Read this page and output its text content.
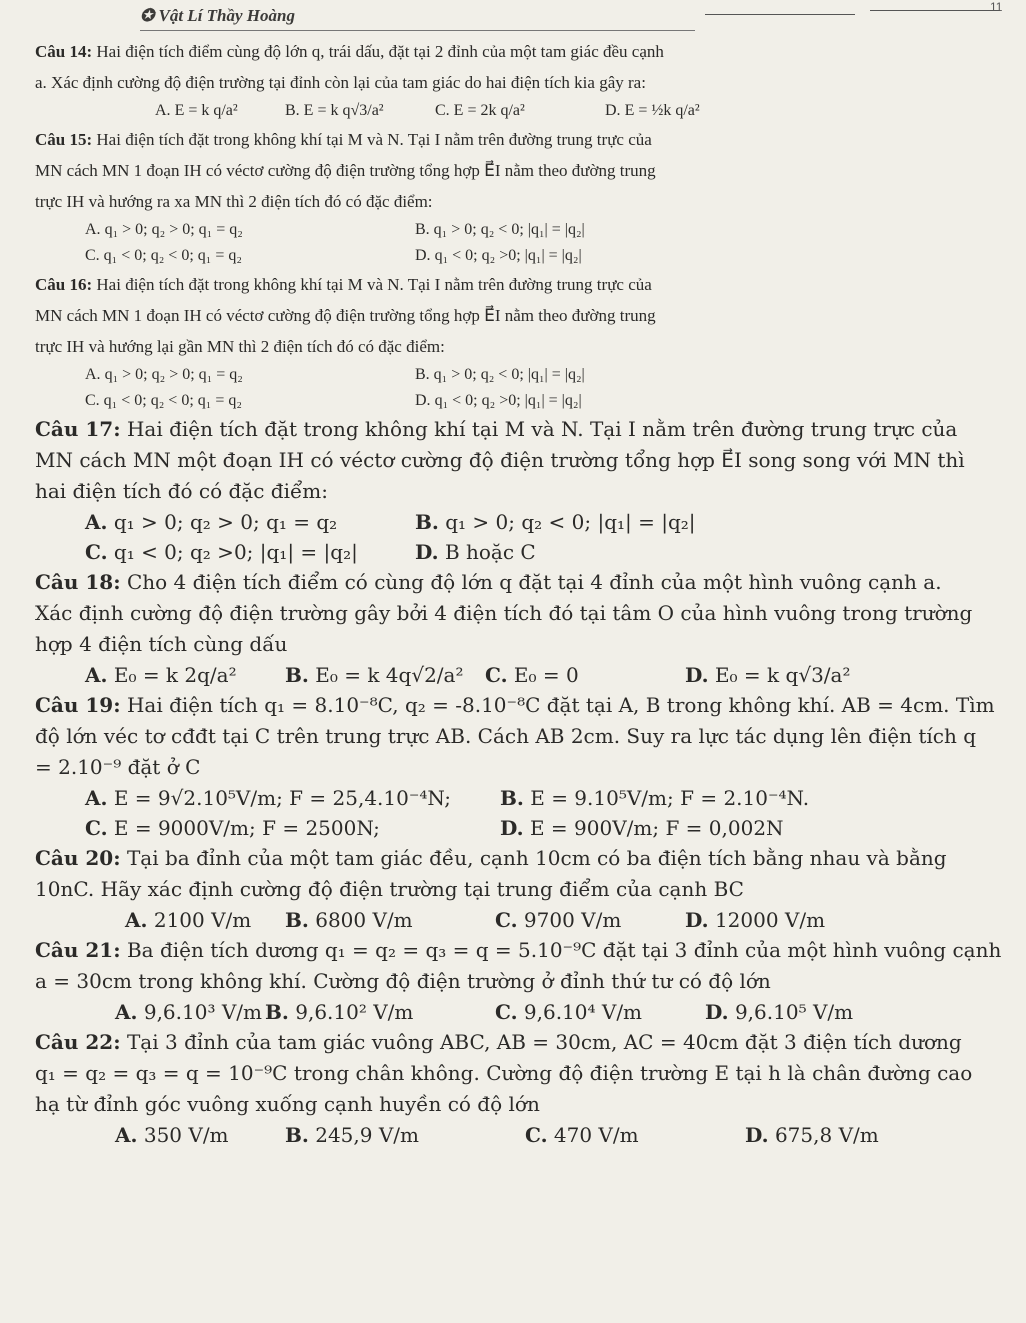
✪ Vật Lí Thầy Hoàng	11
Câu 14: Hai điện tích điểm cùng độ lớn q, trái dấu, đặt tại 2 đỉnh của một tam giác đều cạnh
a. Xác định cường độ điện trường tại đỉnh còn lại của tam giác do hai điện tích kia gây ra:
A. E = k q/a²	B. E = k q√3/a²	C. E = 2k q/a²	D. E = ½k q/a²
Câu 15: Hai điện tích đặt trong không khí tại M và N. Tại I nằm trên đường trung trực của
MN cách MN 1 đoạn IH có véctơ cường độ điện trường tổng hợp E⃗I nằm theo đường trung
trực IH và hướng ra xa MN thì 2 điện tích đó có đặc điểm:
A. q₁ > 0; q₂ > 0; q₁ = q₂	B. q₁ > 0; q₂ < 0; |q₁| = |q₂|
C. q₁ < 0; q₂ < 0; q₁ = q₂	D. q₁ < 0; q₂ >0; |q₁| = |q₂|
Câu 16: Hai điện tích đặt trong không khí tại M và N. Tại I nằm trên đường trung trực của
MN cách MN 1 đoạn IH có véctơ cường độ điện trường tổng hợp E⃗I nằm theo đường trung
trực IH và hướng lại gần MN thì 2 điện tích đó có đặc điểm:
A. q₁ > 0; q₂ > 0; q₁ = q₂	B. q₁ > 0; q₂ < 0; |q₁| = |q₂|
C. q₁ < 0; q₂ < 0; q₁ = q₂	D. q₁ < 0; q₂ >0; |q₁| = |q₂|
Câu 17: Hai điện tích đặt trong không khí tại M và N. Tại I nằm trên đường trung trực của
MN cách MN một đoạn IH có véctơ cường độ điện trường tổng hợp E⃗I song song với MN thì
hai điện tích đó có đặc điểm:
A. q₁ > 0; q₂ > 0; q₁ = q₂	B. q₁ > 0; q₂ < 0; |q₁| = |q₂|
C. q₁ < 0; q₂ >0; |q₁| = |q₂|	D. B hoặc C
Câu 18: Cho 4 điện tích điểm có cùng độ lớn q đặt tại 4 đỉnh của một hình vuông cạnh a.
Xác định cường độ điện trường gây bởi 4 điện tích đó tại tâm O của hình vuông trong trường
hợp 4 điện tích cùng dấu
A. E₀ = k 2q/a² B. E₀ = k 4q√2/a² C. E₀ = 0	D. E₀ = k q√3/a²
Câu 19: Hai điện tích q₁ = 8.10⁻⁸C, q₂ = -8.10⁻⁸C đặt tại A, B trong không khí. AB = 4cm. Tìm
độ lớn véc tơ cđđt tại C trên trung trực AB. Cách AB 2cm. Suy ra lực tác dụng lên điện tích q
= 2.10⁻⁹ đặt ở C
A. E = 9√2.10⁵V/m; F = 25,4.10⁻⁴N; B. E = 9.10⁵V/m; F = 2.10⁻⁴N.
C. E = 9000V/m; F = 2500N;	D. E = 900V/m; F = 0,002N
Câu 20: Tại ba đỉnh của một tam giác đều, cạnh 10cm có ba điện tích bằng nhau và bằng
10nC. Hãy xác định cường độ điện trường tại trung điểm của cạnh BC
A. 2100 V/m B. 6800 V/m	C. 9700 V/m	D. 12000 V/m
Câu 21: Ba điện tích dương q₁ = q₂ = q₃ = q = 5.10⁻⁹C đặt tại 3 đỉnh của một hình vuông cạnh
a = 30cm trong không khí. Cường độ điện trường ở đỉnh thứ tư có độ lớn
A. 9,6.10³ V/m B. 9,6.10² V/m	C. 9,6.10⁴ V/m	D. 9,6.10⁵ V/m
Câu 22: Tại 3 đỉnh của tam giác vuông ABC, AB = 30cm, AC = 40cm đặt 3 điện tích dương
q₁ = q₂ = q₃ = q = 10⁻⁹C trong chân không. Cường độ điện trường E tại h là chân đường cao
hạ từ đỉnh góc vuông xuống cạnh huyền có độ lớn
A. 350 V/m	B. 245,9 V/m	C. 470 V/m	D. 675,8 V/m
